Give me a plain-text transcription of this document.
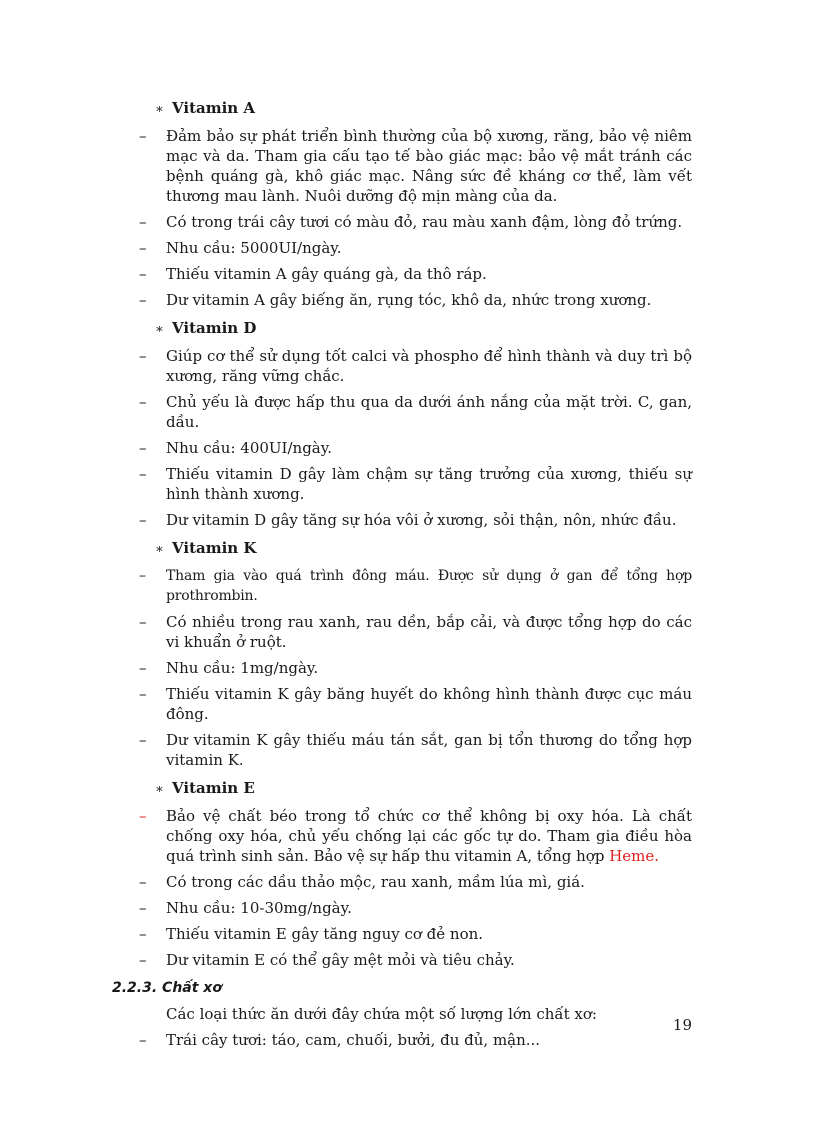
∗ Vitamin A
–	Đảm bảo sự phát triển bình thường của bộ xương, răng, bảo vệ niêm mạc và da. Tham gia cấu tạo tế bào giác mạc: bảo vệ mắt tránh các bệnh quáng gà, khô giác mạc. Nâng sức đề kháng cơ thể, làm vết thương mau lành. Nuôi dưỡng độ mịn màng của da.
–	Có trong trái cây tươi có màu đỏ, rau màu xanh đậm, lòng đỏ trứng.
–	Nhu cầu: 5000UI/ngày.
–	Thiếu vitamin A gây quáng gà, da thô ráp.
–	Dư vitamin A gây biếng ăn, rụng tóc, khô da, nhức trong xương.
∗ Vitamin D
–	Giúp cơ thể sử dụng tốt calci và phospho để hình thành và duy trì bộ xương, răng vững chắc.
–	Chủ yếu là được hấp thu qua da dưới ánh nắng của mặt trời. C, gan, dầu.
–	Nhu cầu: 400UI/ngày.
–	Thiếu vitamin D gây làm chậm sự tăng trưởng của xương, thiếu sự hình thành xương.
–	Dư vitamin D gây tăng sự hóa vôi ở xương, sỏi thận, nôn, nhức đầu.
∗ Vitamin K
–	Tham gia vào quá trình đông máu. Được sử dụng ở gan để tổng hợp prothrombin.
–	Có nhiều trong rau xanh, rau dền, bắp cải, và được tổng hợp do các vi khuẩn ở ruột.
–	Nhu cầu: 1mg/ngày.
–	Thiếu vitamin K gây băng huyết do không hình thành được cục máu đông.
–	Dư vitamin K gây thiếu máu tán sắt, gan bị tổn thương do tổng hợp vitamin K.
∗ Vitamin E
–	Bảo vệ chất béo trong tổ chức cơ thể không bị oxy hóa. Là chất chống oxy hóa, chủ yếu chống lại các gốc tự do. Tham gia điều hòa quá trình sinh sản. Bảo vệ sự hấp thu vitamin A, tổng hợp Heme.
–	Có trong các dầu thảo mộc, rau xanh, mầm lúa mì, giá.
–	Nhu cầu: 10-30mg/ngày.
–	Thiếu vitamin E gây tăng nguy cơ đẻ non.
–	Dư vitamin E có thể gây mệt mỏi và tiêu chảy.
2.2.3. Chất xơ
Các loại thức ăn dưới đây chứa một số lượng lớn chất xơ:
–	Trái cây tươi: táo, cam, chuối, bưởi, đu đủ, mận...
19
